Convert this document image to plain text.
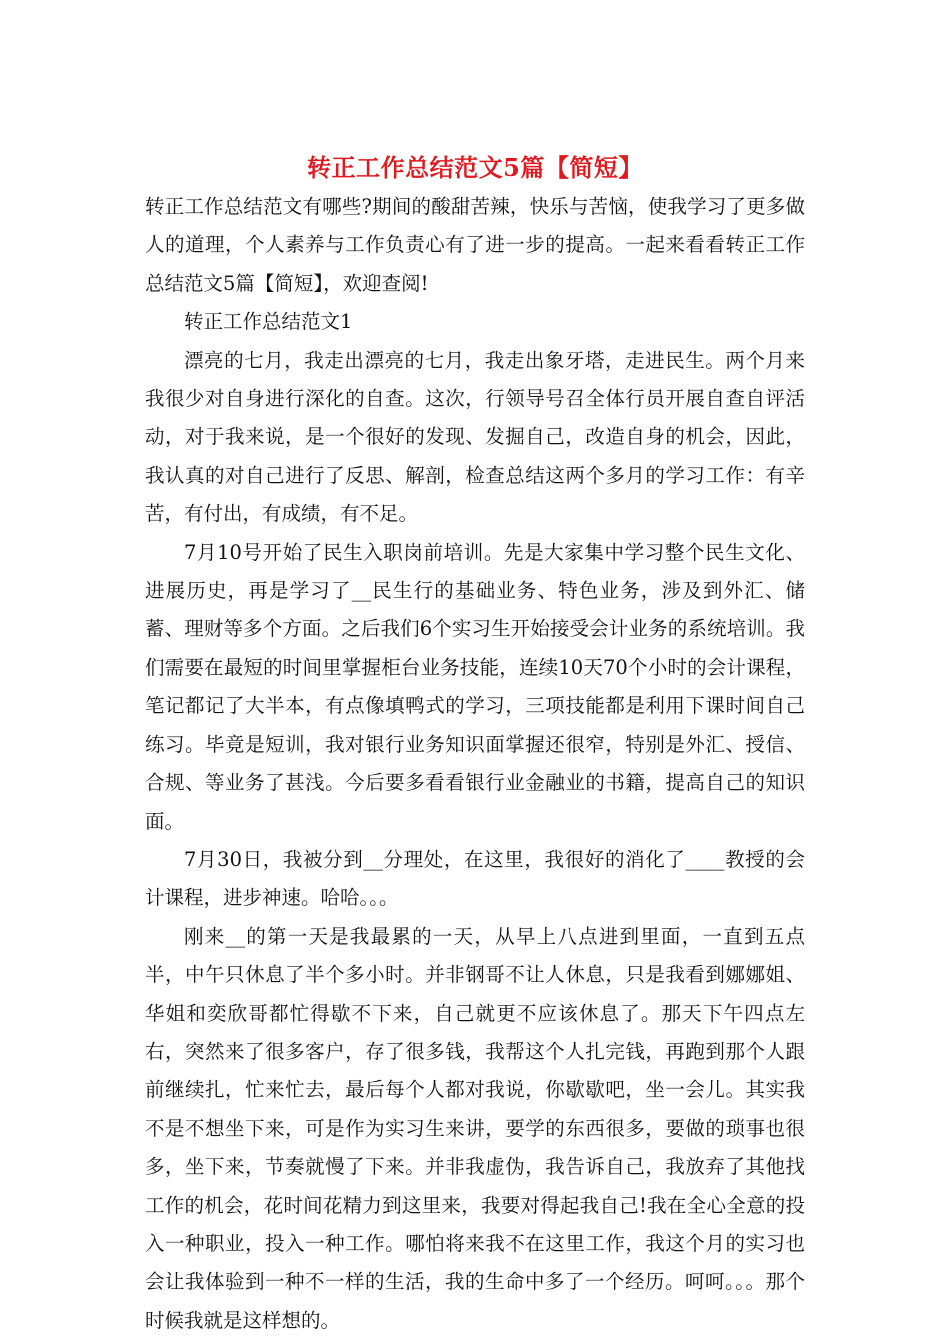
转正工作总结范文5篇【简短】

转正工作总结范文有哪些?期间的酸甜苦辣，快乐与苦恼，使我学习了更多做人的道理，个人素养与工作负责心有了进一步的提高。一起来看看转正工作总结范文5篇【简短】，欢迎查阅!

转正工作总结范文1

漂亮的七月，我走出漂亮的七月，我走出象牙塔，走进民生。两个月来我很少对自身进行深化的自查。这次，行领导号召全体行员开展自查自评活动，对于我来说，是一个很好的发现、发掘自己，改造自身的机会，因此，我认真的对自己进行了反思、解剖，检查总结这两个多月的学习工作：有辛苦，有付出，有成绩，有不足。

7月10号开始了民生入职岗前培训。先是大家集中学习整个民生文化、进展历史，再是学习了__民生行的基础业务、特色业务，涉及到外汇、储蓄、理财等多个方面。之后我们6个实习生开始接受会计业务的系统培训。我们需要在最短的时间里掌握柜台业务技能，连续10天70个小时的会计课程，笔记都记了大半本，有点像填鸭式的学习，三项技能都是利用下课时间自己练习。毕竟是短训，我对银行业务知识面掌握还很窄，特别是外汇、授信、合规、等业务了甚浅。今后要多看看银行业金融业的书籍，提高自己的知识面。

7月30日，我被分到__分理处，在这里，我很好的消化了____教授的会计课程，进步神速。哈哈。。。

刚来__的第一天是我最累的一天，从早上八点进到里面，一直到五点半，中午只休息了半个多小时。并非钢哥不让人休息，只是我看到娜娜姐、华姐和奕欣哥都忙得歇不下来，自己就更不应该休息了。那天下午四点左右，突然来了很多客户，存了很多钱，我帮这个人扎完钱，再跑到那个人跟前继续扎，忙来忙去，最后每个人都对我说，你歇歇吧，坐一会儿。其实我不是不想坐下来，可是作为实习生来讲，要学的东西很多，要做的琐事也很多，坐下来，节奏就慢了下来。并非我虚伪，我告诉自己，我放弃了其他找工作的机会，花时间花精力到这里来，我要对得起我自己!我在全心全意的投入一种职业，投入一种工作。哪怕将来我不在这里工作，我这个月的实习也会让我体验到一种不一样的生活，我的生命中多了一个经历。呵呵。。。那个时候我就是这样想的。
